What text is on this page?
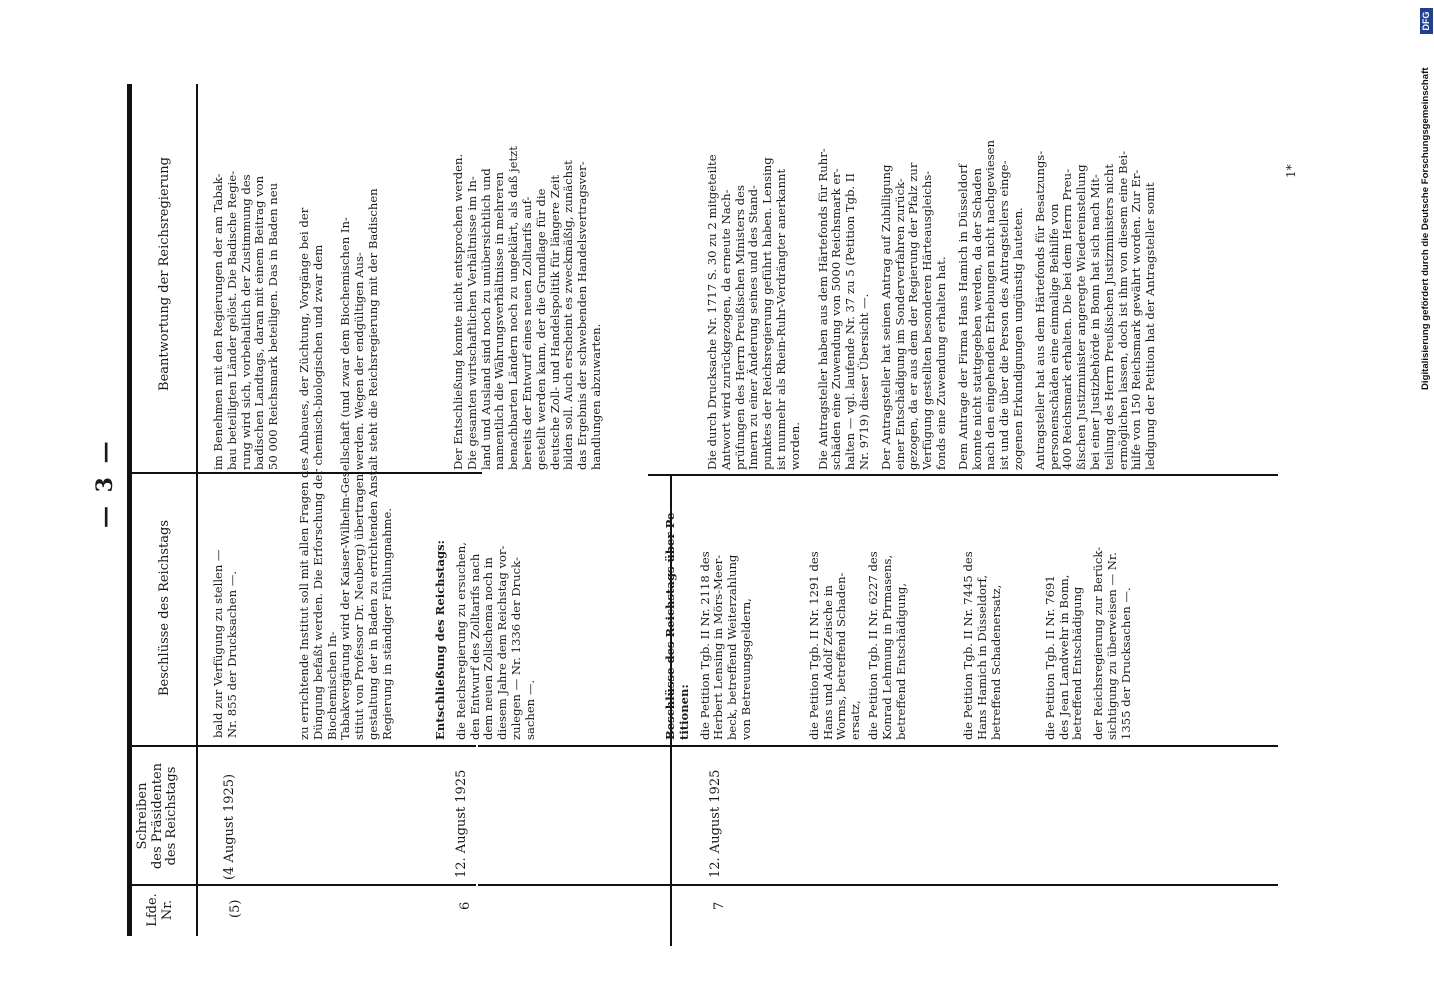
— 3 —
Lfde.
Nr.
Schreiben
des Präsidenten
des Reichstags
Beschlüsse des Reichstags
Beantwortung der Reichsregierung
(5)
(4 August 1925)

bald zur Verfügung zu stellen —
Nr. 855 der Drucksachen —.

im Benehmen mit den Regierungen der am Tabak-
bau beteiligten Länder gelöst. Die Badische Regie-
rung wird sich, vorbehaltlich der Zustimmung des
badischen Landtags, daran mit einem Beitrag von
50 000 Reichsmark beteiligen. Das in Baden neu

zu errichtende Institut soll mit allen Fragen des Anbaues, der Züchtung, Vorgänge bei der
Düngung befaßt werden. Die Erforschung der chemisch-biologischen und zwar dem Biochemischen In-
Tabakvergärung wird der Kaiser-Wilhelm-Gesellschaft (und zwar dem Biochemischen In-
stitut von Professor Dr. Neuberg) übertragen werden. Wegen der endgültigen Aus-
gestaltung der in Baden zu errichtenden Anstalt steht die Reichsregierung mit der Badischen
Regierung in ständiger Fühlungnahme.

6
12. August 1925

Entschließung des Reichstags: die Reichsregierung zu ersuchen,
den Entwurf des Zolltarifs nach
dem neuen Zollschema noch in
diesem Jahre dem Reichstag vor-
zulegen — Nr. 1336 der Druck-
sachen —.

Der Entschließung konnte nicht entsprochen werden.
Die gesamten wirtschaftlichen Verhältnisse im In-
land und Ausland sind noch zu unübersichtlich und
namentlich die Währungsverhältnisse in mehreren
benachbarten Ländern noch zu ungeklärt, als daß jetzt
bereits der Entwurf eines neuen Zolltarifs auf-
gestellt werden kann, der die Grundlage für die
deutsche Zoll- und Handelspolitik für längere Zeit
bilden soll. Auch erscheint es zweckmäßig, zunächst
das Ergebnis der schwebenden Handelsvertragsver-
handlungen abzuwarten.

7
12. August 1925

Beschlüsse des Reichstags über Pe-
titionen: die Petition Tgb. II Nr. 2118 des
Herbert Lensing in Mörs-Meer-
beck, betreffend Weiterzahlung
von Betreuungsgeldern,

die Petition Tgb. II Nr. 1291 des
Hans und Adolf Zeische in
Worms, betreffend Schaden-
ersatz, die Petition Tgb. II Nr. 6227 des
Konrad Lehmung in Pirmasens,
betreffend Entschädigung,

die Petition Tgb. II Nr. 7445 des
Hans Hamich in Düsseldorf,
betreffend Schadenersatz,

die Petition Tgb. II Nr. 7691
des Jean Landwehr in Bonn,
betreffend Entschädigung

der Reichsregierung zur Berück-
sichtigung zu überweisen — Nr.
1355 der Drucksachen —.

Die durch Drucksache Nr. 1717 S. 30 zu 2 mitgeteilte
Antwort wird zurückgezogen, da erneute Nach-
prüfungen des Herrn Preußischen Ministers des
Innern zu einer Änderung seines und des Stand-
punktes der Reichsregierung geführt haben. Lensing
ist nunmehr als Rhein-Ruhr-Verdrängter anerkannt
worden. Die Antragsteller haben aus dem Härtefonds für Ruhr-
schäden eine Zuwendung von 5000 Reichsmark er-
halten — vgl. laufende Nr. 37 zu 5 (Petition Tgb. II
Nr. 9719) dieser Übersicht —.

Der Antragsteller hat seinen Antrag auf Zubilligung
einer Entschädigung im Sonderverfahren zurück-
gezogen, da er aus dem der Regierung der Pfalz zur
Verfügung gestellten besonderen Härteausgleichs-
fonds eine Zuwendung erhalten hat.

Dem Antrage der Firma Hans Hamich in Düsseldorf
konnte nicht stattgegeben werden, da der Schaden
nach den eingehenden Erhebungen nicht nachgewiesen
ist und die über die Person des Antragstellers einge-
zogenen Erkundigungen ungünstig lauteten.

Antragsteller hat aus dem Härtefonds für Besatzungs-
personenschäden eine einmalige Beihilfe von
400 Reichsmark erhalten. Die bei dem Herrn Preu-
ßischen Justizminister angeregte Wiedereinstellung
bei einer Justizbehörde in Bonn hat sich nach Mit-
teilung des Herrn Preußischen Justizministers nicht
ermöglichen lassen, doch ist ihm von diesem eine Bei-
hilfe von 150 Reichsmark gewährt worden. Zur Er-
ledigung der Petition hat der Antragsteller somit

1*
DFG
Digitalisierung gefördert durch die Deutsche Forschungsgemeinschaft
